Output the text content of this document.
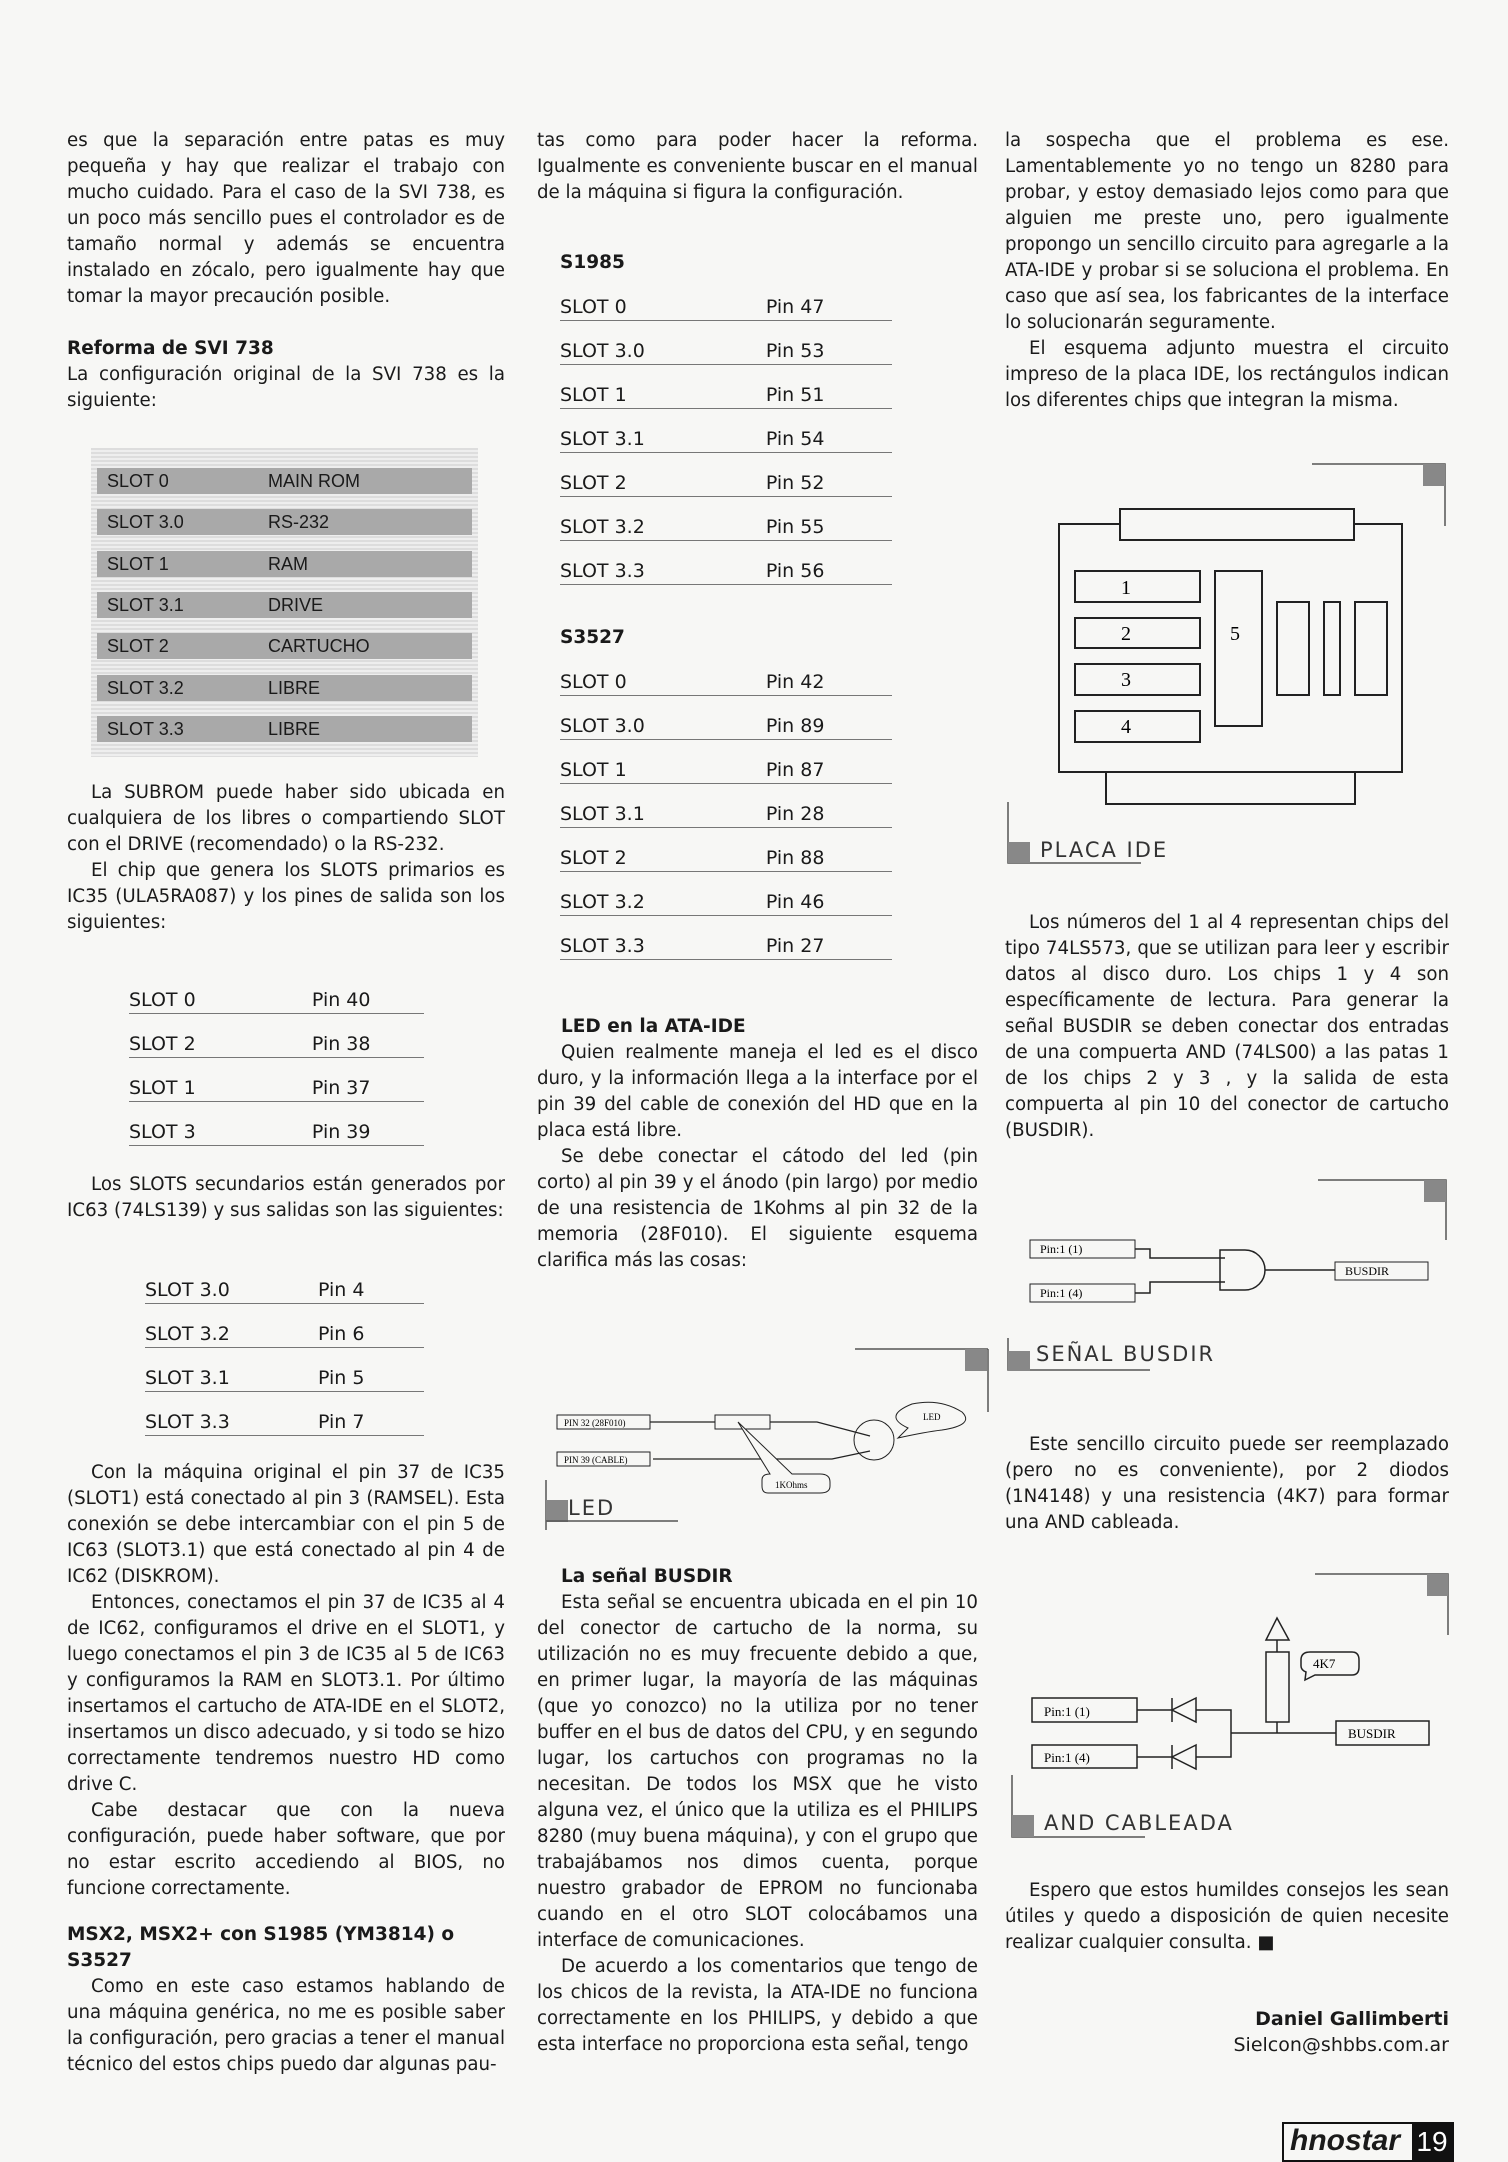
es que la separación entre patas es muy pequeña y hay que realizar el trabajo con mucho cuidado. Para el caso de la SVI 738, es un poco más sencillo pues el controlador es de tamaño normal y además se encuentra instalado en zócalo, pero igualmente hay que tomar la mayor precaución posible.

Reforma de SVI 738

La configuración original de la SVI 738 es la siguiente:

SLOT 0	MAIN ROM
SLOT 3.0	RS-232
SLOT 1	RAM
SLOT 3.1	DRIVE
SLOT 2	CARTUCHO
SLOT 3.2	LIBRE
SLOT 3.3	LIBRE

La SUBROM puede haber sido ubicada en cualquiera de los libres o compartiendo SLOT con el DRIVE (recomendado) o la RS-232.

El chip que genera los SLOTS primarios es IC35 (ULA5RA087) y los pines de salida son los siguientes:

SLOT 0	Pin 40
SLOT 2	Pin 38
SLOT 1	Pin 37
SLOT 3	Pin 39

Los SLOTS secundarios están generados por IC63 (74LS139) y sus salidas son las siguientes:

SLOT 3.0	Pin 4
SLOT 3.2	Pin 6
SLOT 3.1	Pin 5
SLOT 3.3	Pin 7

Con la máquina original el pin 37 de IC35 (SLOT1) está conectado al pin 3 (RAMSEL). Esta conexión se debe intercambiar con el pin 5 de IC63 (SLOT3.1) que está conectado al pin 4 de IC62 (DISKROM).

Entonces, conectamos el pin 37 de IC35 al 4 de IC62, configuramos el drive en el SLOT1, y luego conectamos el pin 3 de IC35 al 5 de IC63 y configuramos la RAM en SLOT3.1. Por último insertamos el cartucho de ATA-IDE en el SLOT2, insertamos un disco adecuado, y si todo se hizo correctamente tendremos nuestro HD como drive C.

Cabe destacar que con la nueva configuración, puede haber software, que por no estar escrito accediendo al BIOS, no funcione correctamente.

MSX2, MSX2+ con S1985 (YM3814) o S3527

Como en este caso estamos hablando de una máquina genérica, no me es posible saber la configuración, pero gracias a tener el manual técnico del estos chips puedo dar algunas pau-

tas como para poder hacer la reforma. Igualmente es conveniente buscar en el manual de la máquina si figura la configuración.

S1985
SLOT 0	Pin 47
SLOT 3.0	Pin 53
SLOT 1	Pin 51
SLOT 3.1	Pin 54
SLOT 2	Pin 52
SLOT 3.2	Pin 55
SLOT 3.3	Pin 56
S3527
SLOT 0	Pin 42
SLOT 3.0	Pin 89
SLOT 1	Pin 87
SLOT 3.1	Pin 28
SLOT 2	Pin 88
SLOT 3.2	Pin 46
SLOT 3.3	Pin 27
LED en la ATA-IDE

Quien realmente maneja el led es el disco duro, y la información llega a la interface por el pin 39 del cable de conexión del HD que en la placa está libre.

Se debe conectar el cátodo del led (pin corto) al pin 39 y el ánodo (pin largo) por medio de una resistencia de 1Kohms al pin 32 de la memoria (28F010). El siguiente esquema clarifica más las cosas:

PIN 32 (28F010)
PIN 39 (CABLE)
1KOhms
LED
LED
La señal BUSDIR

Esta señal se encuentra ubicada en el pin 10 del conector de cartucho de la norma, su utilización no es muy frecuente debido a que, en primer lugar, la mayoría de las máquinas (que yo conozco) no la utiliza por no tener buffer en el bus de datos del CPU, y en segundo lugar, los cartuchos con programas no la necesitan. De todos los MSX que he visto alguna vez, el único que la utiliza es el PHILIPS 8280 (muy buena máquina), y con el grupo que trabajábamos nos dimos cuenta, porque nuestro grabador de EPROM no funcionaba cuando en el otro SLOT colocábamos una interface de comunicaciones.

De acuerdo a los comentarios que tengo de los chicos de la revista, la ATA-IDE no funciona correctamente en los PHILIPS, y debido a que esta interface no proporciona esta señal, tengo

la sospecha que el problema es ese. Lamentablemente yo no tengo un 8280 para probar, y estoy demasiado lejos como para que alguien me preste uno, pero igualmente propongo un sencillo circuito para agregarle a la ATA-IDE y probar si se soluciona el problema. En caso que así sea, los fabricantes de la interface lo solucionarán seguramente.

El esquema adjunto muestra el circuito impreso de la placa IDE, los rectángulos indican los diferentes chips que integran la misma.

1
2
3
4
5
PLACA IDE

Los números del 1 al 4 representan chips del tipo 74LS573, que se utilizan para leer y escribir datos al disco duro. Los chips 1 y 4 son específicamente de lectura. Para generar la señal BUSDIR se deben conectar dos entradas de una compuerta AND (74LS00) a las patas 1 de los chips 2 y 3 , y la salida de esta compuerta al pin 10 del conector de cartucho (BUSDIR).

Pin:1 (1)
Pin:1 (4)
BUSDIR
SEÑAL BUSDIR

Este sencillo circuito puede ser reemplazado (pero no es conveniente), por 2 diodos (1N4148) y una resistencia (4K7) para formar una AND cableada.

Pin:1 (1)
Pin:1 (4)
4K7
BUSDIR
AND CABLEADA

Espero que estos humildes consejos les sean útiles y quedo a disposición de quien necesite realizar cualquier consulta. ■

Daniel Gallimberti
Sielcon@shbbs.com.ar
hnostar 19
